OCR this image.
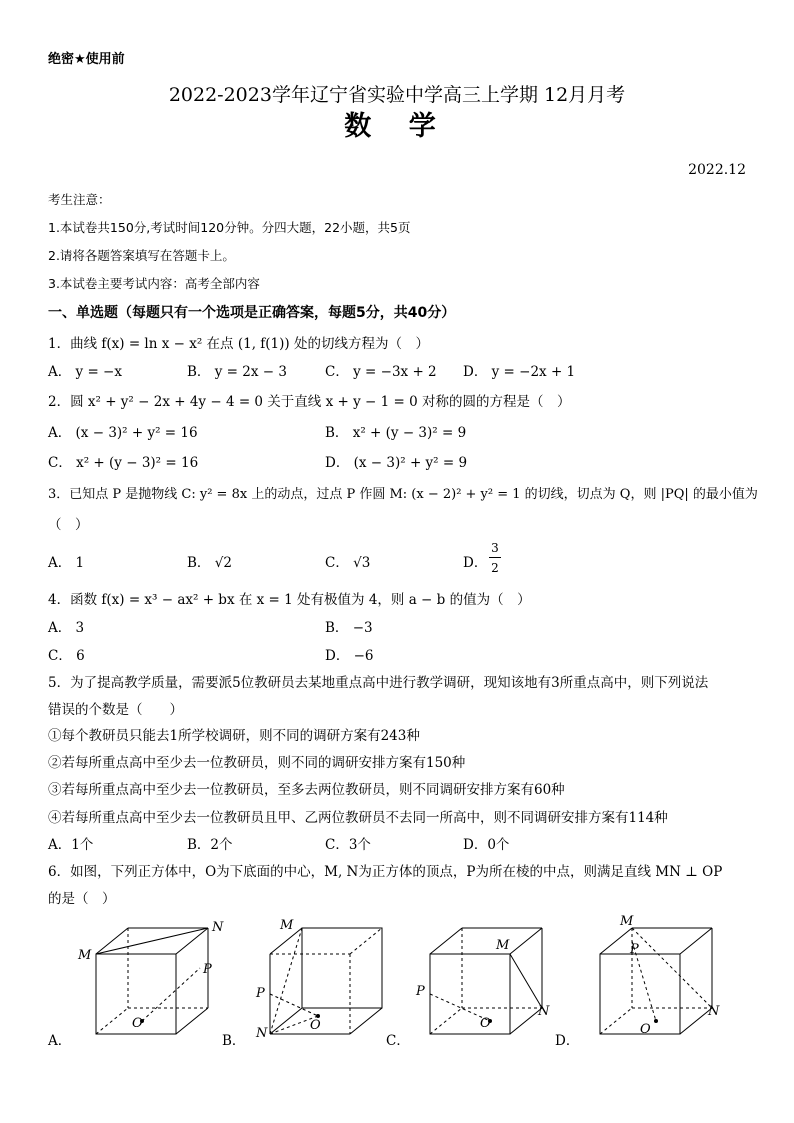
绝密★使用前
2022-2023学年辽宁省实验中学高三上学期 12月月考
数 学
2022.12
考生注意：
1.本试卷共150分,考试时间120分钟。分四大题，22小题，共5页
2.请将各题答案填写在答题卡上。
3.本试卷主要考试内容：高考全部内容
一、单选题（每题只有一个选项是正确答案，每题5分，共40分）
1．曲线 f(x) = ln x − x² 在点 (1, f(1)) 处的切线方程为（　）
A． y = −x	B． y = 2x − 3	C． y = −3x + 2 D． y = −2x + 1
2．圆 x² + y² − 2x + 4y − 4 = 0 关于直线 x + y − 1 = 0 对称的圆的方程是（　）
A． (x − 3)² + y² = 16	B． x² + (y − 3)² = 9
C． x² + (y − 3)² = 16	D． (x − 3)² + y² = 9
3．已知点 P 是抛物线 C: y² = 8x 上的动点，过点 P 作圆 M: (x − 2)² + y² = 1 的切线，切点为 Q，则 |PQ| 的最小值为
（　）
A． 1	B． √2	C． √3	D．
3
2
4．函数 f(x) = x³ − ax² + bx 在 x = 1 处有极值为 4，则 a − b 的值为（　）
A． 3	B． −3
C． 6	D． −6
5．为了提高教学质量，需要派5位教研员去某地重点高中进行教学调研，现知该地有3所重点高中，则下列说法
错误的个数是（　　）
①每个教研员只能去1所学校调研，则不同的调研方案有243种
②若每所重点高中至少去一位教研员，则不同的调研安排方案有150种
③若每所重点高中至少去一位教研员，至多去两位教研员，则不同调研安排方案有60种
④若每所重点高中至少去一位教研员且甲、乙两位教研员不去同一所高中，则不同调研安排方案有114种
A．1个	B．2个	C．3个	D．0个
6．如图，下列正方体中，O为下底面的中心，M, N为正方体的顶点，P为所在棱的中点，则满足直线 MN ⊥ OP
的是（　）
A．
M
N
P
O
B．
M
P
N
O
C．
M
P
N
O
D．
M
P
N
O
